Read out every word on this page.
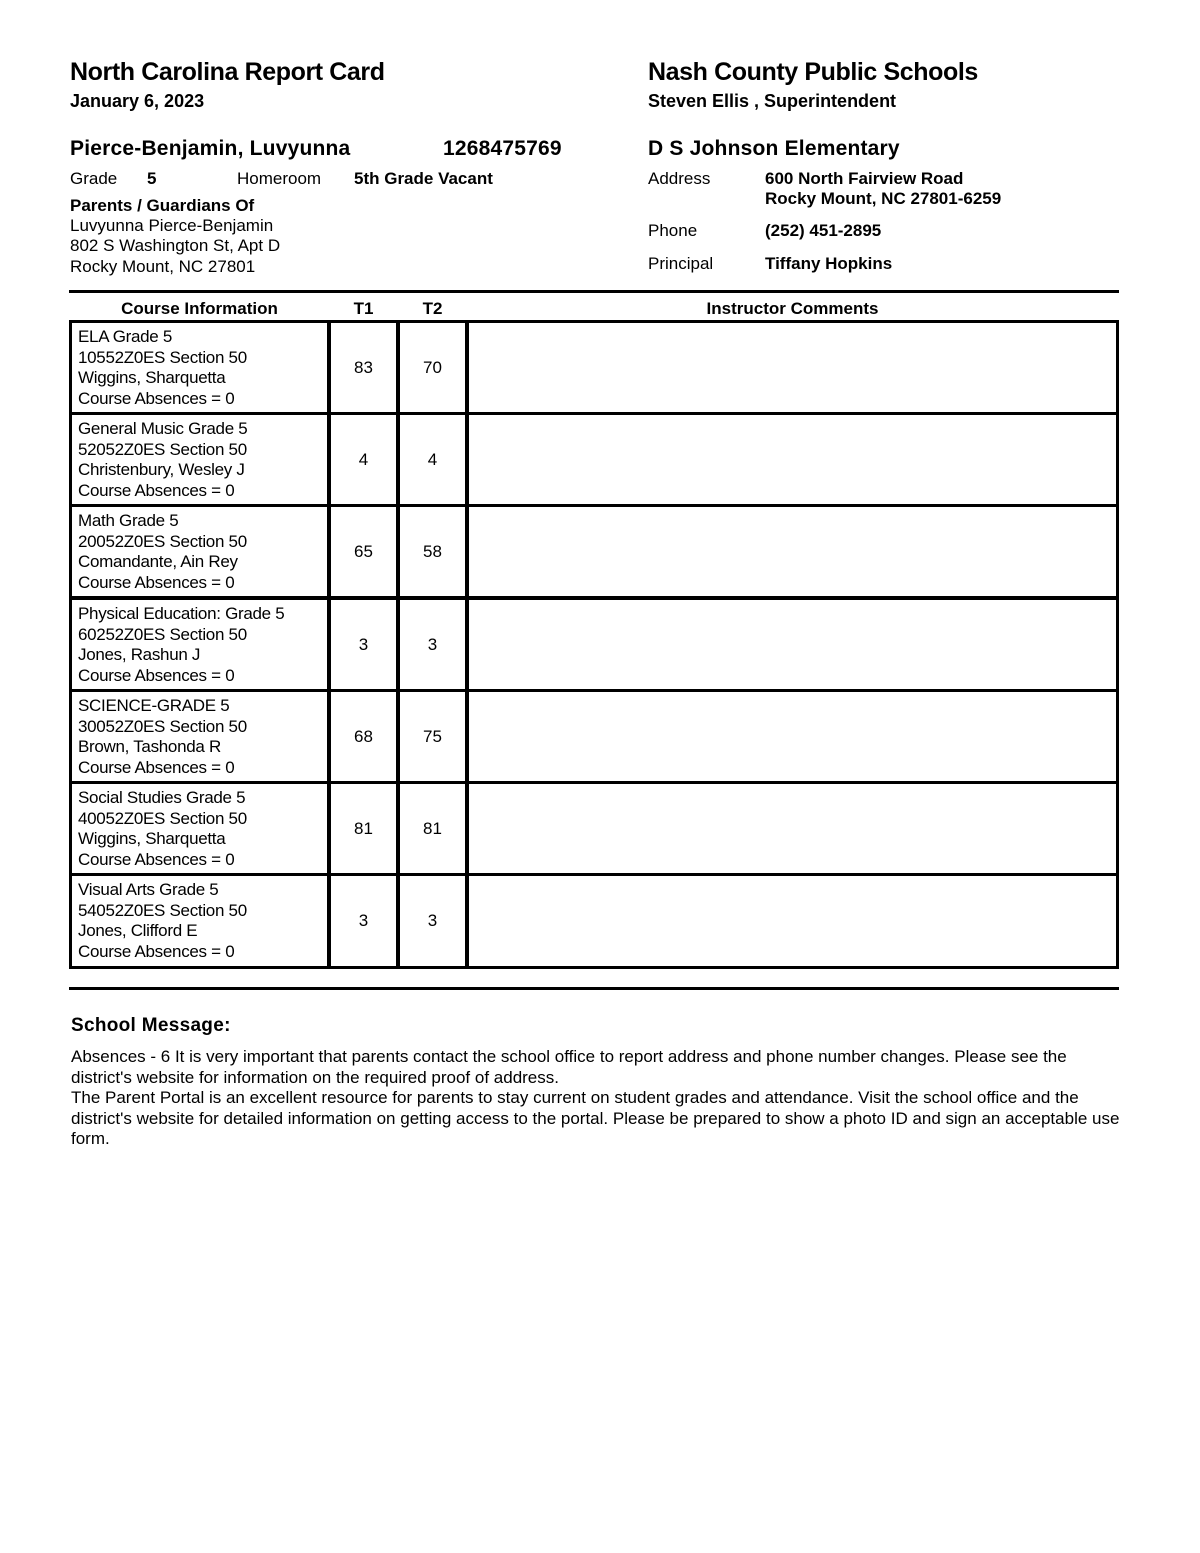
North Carolina Report Card
January 6, 2023
Nash County Public Schools
Steven Ellis , Superintendent
Pierce-Benjamin, Luvyunna	1268475769
Grade 5	Homeroom 5th Grade Vacant
Parents / Guardians Of
Luvyunna Pierce-Benjamin
802 S Washington St, Apt D
Rocky Mount, NC 27801
D S Johnson Elementary
Address	600 North Fairview Road
Rocky Mount, NC 27801-6259
Phone	(252) 451-2895
Principal	Tiffany Hopkins
Course Information	T1	T2	Instructor Comments
ELA Grade 5
10552Z0ES Section 50
Wiggins, Sharquetta
Course Absences = 0
83	70
General Music Grade 5
52052Z0ES Section 50
Christenbury, Wesley J
Course Absences = 0
4	4
Math Grade 5
20052Z0ES Section 50
Comandante, Ain Rey
Course Absences = 0
65	58
Physical Education: Grade 5
60252Z0ES Section 50
Jones, Rashun J
Course Absences = 0
3	3
SCIENCE-GRADE 5
30052Z0ES Section 50
Brown, Tashonda R
Course Absences = 0
68	75
Social Studies Grade 5
40052Z0ES Section 50
Wiggins, Sharquetta
Course Absences = 0
81	81
Visual Arts Grade 5
54052Z0ES Section 50
Jones, Clifford E
Course Absences = 0
3	3
School Message:

Absences - 6 It is very important that parents contact the school office to report address and phone number changes. Please see the district's website for information on the required proof of address.

The Parent Portal is an excellent resource for parents to stay current on student grades and attendance. Visit the school office and the district's website for detailed information on getting access to the portal. Please be prepared to show a photo ID and sign an acceptable use form.
